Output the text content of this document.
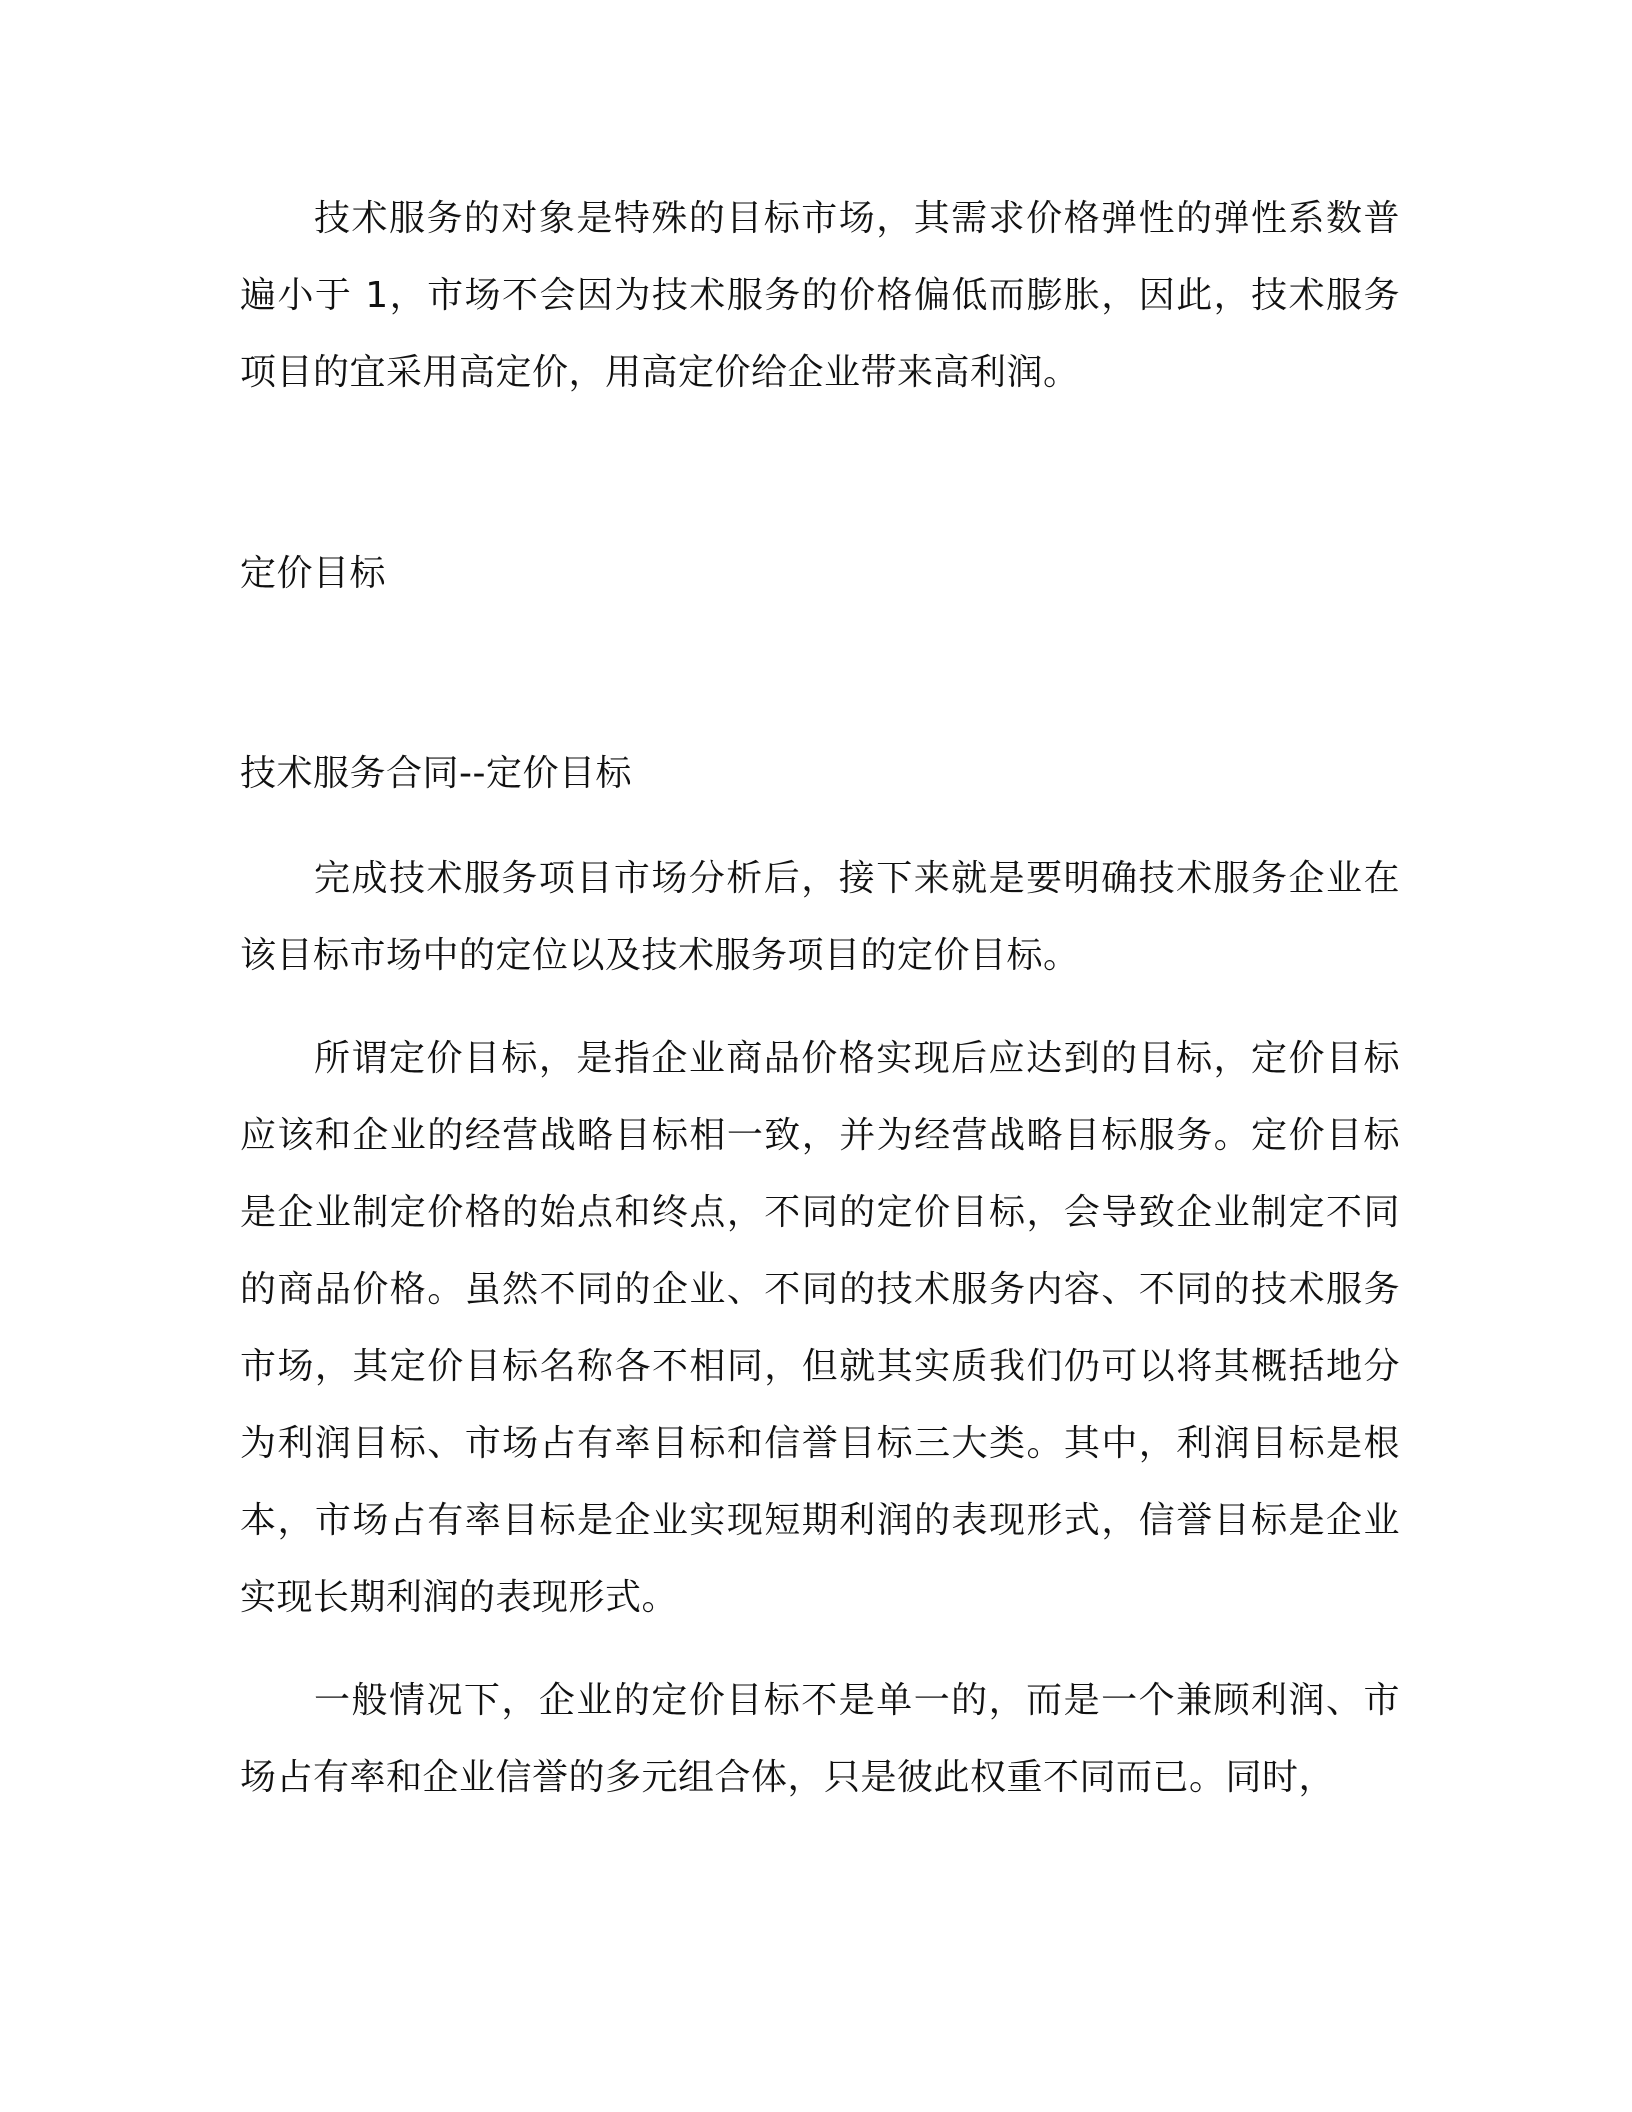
技术服务的对象是特殊的目标市场，其需求价格弹性的弹性系数普遍小于 1，市场不会因为技术服务的价格偏低而膨胀，因此，技术服务项目的宜采用高定价，用高定价给企业带来高利润。

定价目标
技术服务合同--定价目标

完成技术服务项目市场分析后，接下来就是要明确技术服务企业在该目标市场中的定位以及技术服务项目的定价目标。

所谓定价目标，是指企业商品价格实现后应达到的目标，定价目标应该和企业的经营战略目标相一致，并为经营战略目标服务。定价目标是企业制定价格的始点和终点，不同的定价目标，会导致企业制定不同的商品价格。虽然不同的企业、不同的技术服务内容、不同的技术服务市场，其定价目标名称各不相同，但就其实质我们仍可以将其概括地分为利润目标、市场占有率目标和信誉目标三大类。其中，利润目标是根本，市场占有率目标是企业实现短期利润的表现形式，信誉目标是企业实现长期利润的表现形式。

一般情况下，企业的定价目标不是单一的，而是一个兼顾利润、市场占有率和企业信誉的多元组合体，只是彼此权重不同而已。同时，
